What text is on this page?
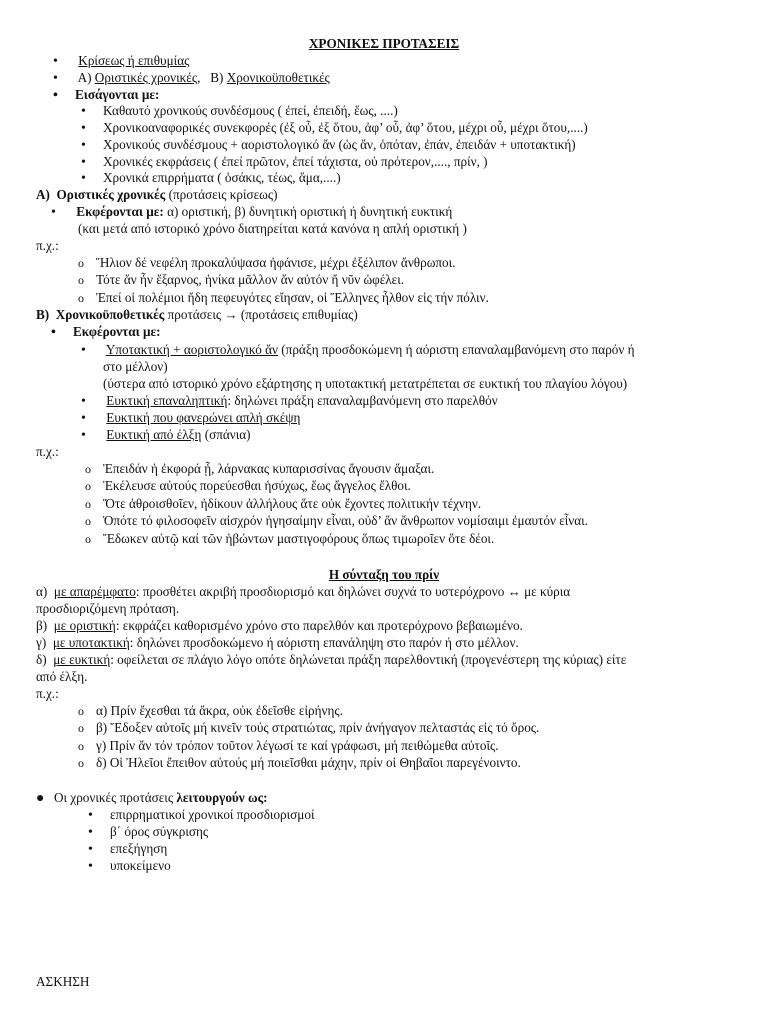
ΧΡΟΝΙΚΕΣ ΠΡΟΤΑΣΕΙΣ
• Κρίσεως ή επιθυμίας
• Α) Οριστικές χρονικές,   Β) Χρονικοϋποθετικές
• Εισάγονται με:
• Καθαυτό χρονικούς συνδέσμους ( ἐπεί, ἐπειδή, ἕως, ....)
• Χρονικοαναφορικές συνεκφορές (ἐξ οὗ, ἐξ ὅτου, ἀφ’ οὗ, ἀφ’ ὅτου, μέχρι οὗ, μέχρι ὅτου,....)
• Χρονικούς συνδέσμους + αοριστολογικό ἄν (ὡς ἄν, ὁπόταν, ἐπάν, ἐπειδάν + υποτακτική)
• Χρονικές εκφράσεις ( ἐπεί πρῶτον, ἐπεί τάχιστα, οὐ πρότερον,...., πρίν, )
• Χρονικά επιρρήματα ( ὁσάκις, τέως, ἅμα,....)
Α)  Οριστικές χρονικές (προτάσεις κρίσεως)
• Εκφέρονται με: α) οριστική, β) δυνητική οριστική ή δυνητική ευκτική
(και μετά από ιστορικό χρόνο διατηρείται κατά κανόνα η απλή οριστική )
π.χ.:
o Ἥλιον δέ νεφέλη προκαλύψασα ἠφάνισε, μέχρι ἐξέλιπον ἄνθρωποι.
o Τότε ἄν ἦν ἔξαρνος, ἡνίκα μᾶλλον ἄν αὐτόν ἤ νῦν ὠφέλει.
o Ἐπεί οἱ πολέμιοι ἤδη πεφευγότες εἴησαν, οἱ Ἕλληνες ἦλθον εἰς τήν πόλιν.
Β)  Χρονικοϋποθετικές προτάσεις → (προτάσεις επιθυμίας)
• Εκφέρονται με:
• Υποτακτική + αοριστολογικό ἄν (πράξη προσδοκώμενη ή αόριστη επαναλαμβανόμενη στο παρόν ή
στο μέλλον)
(ύστερα από ιστορικό χρόνο εξάρτησης η υποτακτική μετατρέπεται σε ευκτική του πλαγίου λόγου)
• Ευκτική επαναληπτική: δηλώνει πράξη επαναλαμβανόμενη στο παρελθόν
• Ευκτική που φανερώνει απλή σκέψη
• Ευκτική από έλξη (σπάνια)
π.χ.:
o Ἐπειδάν ἡ ἐκφορά ᾖ, λάρνακας κυπαρισσίνας ἄγουσιν ἅμαξαι.
o Ἐκέλευσε αὐτούς πορεύεσθαι ἡσύχως, ἕως ἄγγελος ἔλθοι.
o Ὅτε ἀθροισθοῖεν, ἠδίκουν ἀλλήλους ἅτε οὐκ ἔχοντες πολιτικήν τέχνην.
o Ὁπότε τό φιλοσοφεῖν αἰσχρόν ἡγησαίμην εἶναι, οὐδ’ ἄν ἄνθρωπον νομίσαιμι ἐμαυτόν εἶναι.
o Ἔδωκεν αὐτῷ καί τῶν ἡβώντων μαστιγοφόρους ὅπως τιμωροῖεν ὅτε δέοι.
Η σύνταξη του πρίν
α)  με απαρέμφατο: προσθέτει ακριβή προσδιορισμό και δηλώνει συχνά το υστερόχρονο ↔ με κύρια
προσδιοριζόμενη πρόταση.
β)  με οριστική: εκφράζει καθορισμένο χρόνο στο παρελθόν και προτερόχρονο βεβαιωμένο.
γ)  με υποτακτική: δηλώνει προσδοκώμενο ή αόριστη επανάληψη στο παρόν ή στο μέλλον.
δ)  με ευκτική: οφείλεται σε πλάγιο λόγο οπότε δηλώνεται πράξη παρελθοντική (προγενέστερη της κύριας) είτε
από έλξη.
π.χ.:
o α) Πρίν ἔχεσθαι τά ἄκρα, οὐκ ἐδεῖσθε εἰρήνης.
o β) Ἔδοξεν αὐτοῖς μή κινεῖν τούς στρατιώτας, πρίν ἀνήγαγον πελταστάς εἰς τό ὄρος.
o γ) Πρίν ἄν τόν τρόπον τοῦτον λέγωσί τε καί γράφωσι, μή πειθώμεθα αὐτοῖς.
o δ) Οἱ Ἠλεῖοι ἔπειθον αὐτούς μή ποιεῖσθαι μάχην, πρίν οἱ Θηβαῖοι παρεγένοιντο.
● Οι χρονικές προτάσεις λειτουργούν ως:
• επιρρηματικοί χρονικοί προσδιορισμοί
• β΄ όρος σύγκρισης
• επεξήγηση
• υποκείμενο
ΑΣΚΗΣΗ
